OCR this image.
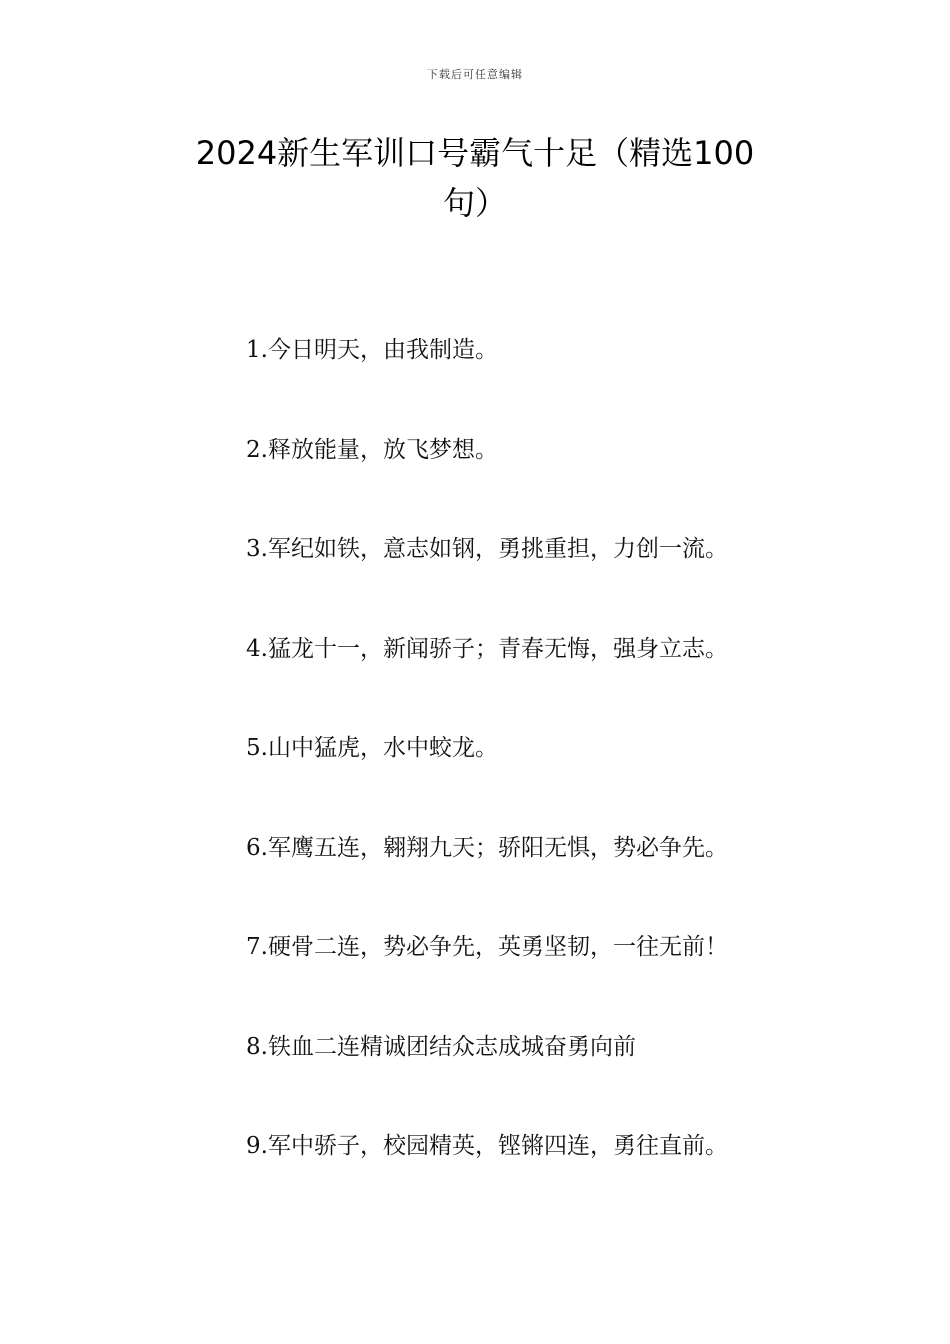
下载后可任意编辑
2024新生军训口号霸气十足（精选100
句）
1.今日明天，由我制造。
2.释放能量，放飞梦想。
3.军纪如铁，意志如钢，勇挑重担，力创一流。
4.猛龙十一，新闻骄子；青春无悔，强身立志。
5.山中猛虎，水中蛟龙。
6.军鹰五连，翱翔九天；骄阳无惧，势必争先。
7.硬骨二连，势必争先，英勇坚韧，一往无前！
8.铁血二连精诚团结众志成城奋勇向前
9.军中骄子，校园精英，铿锵四连，勇往直前。
